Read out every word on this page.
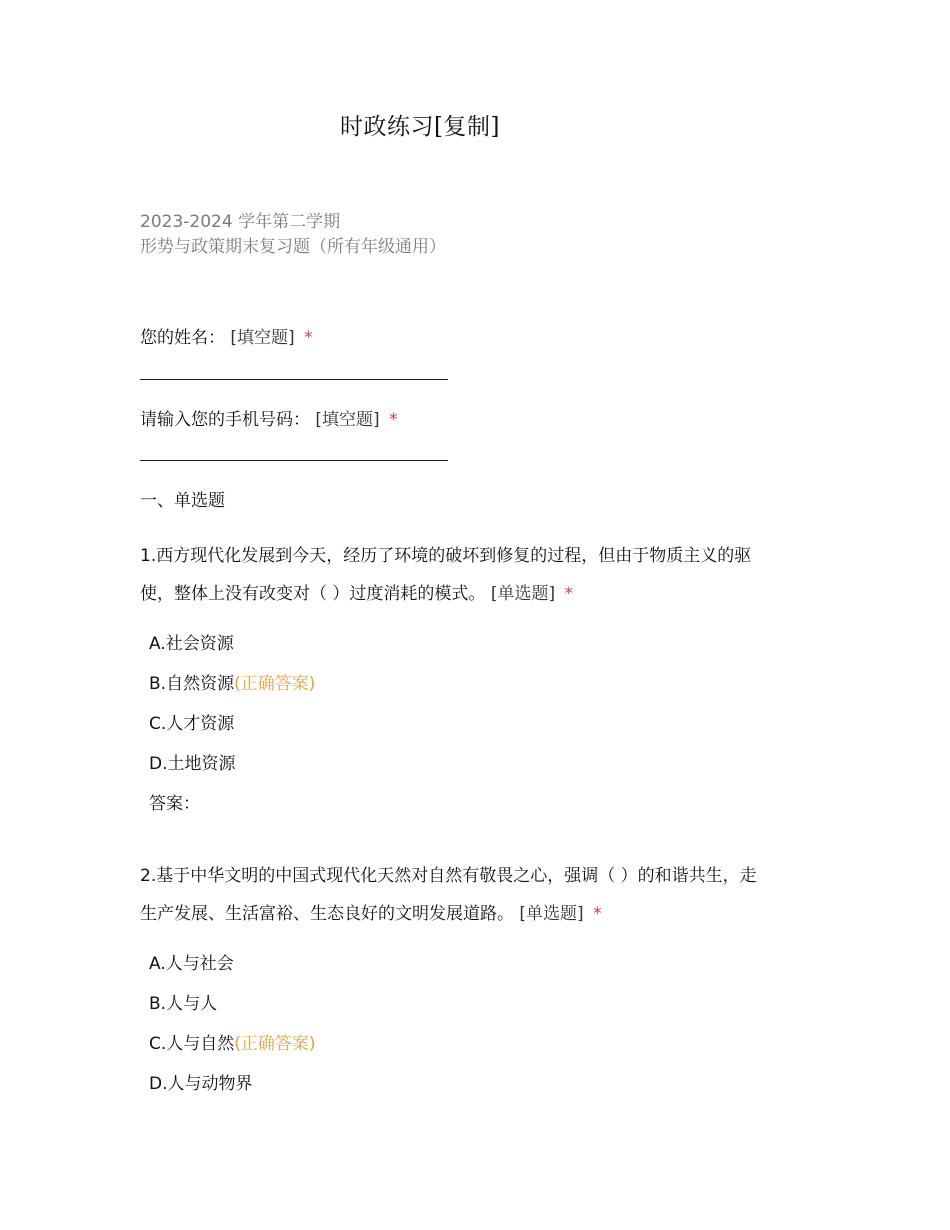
时政练习[复制]
2023-2024 学年第二学期
形势与政策期末复习题（所有年级通用）
您的姓名： [填空题] *
请输入您的手机号码： [填空题] *
一、单选题
1.西方现代化发展到今天，经历了环境的破坏到修复的过程，但由于物质主义的驱
使，整体上没有改变对（ ）过度消耗的模式。 [单选题] *
A.社会资源
B.自然资源(正确答案)
C.人才资源
D.土地资源
答案：
2.基于中华文明的中国式现代化天然对自然有敬畏之心，强调（ ）的和谐共生，走
生产发展、生活富裕、生态良好的文明发展道路。 [单选题] *
A.人与社会
B.人与人
C.人与自然(正确答案)
D.人与动物界
